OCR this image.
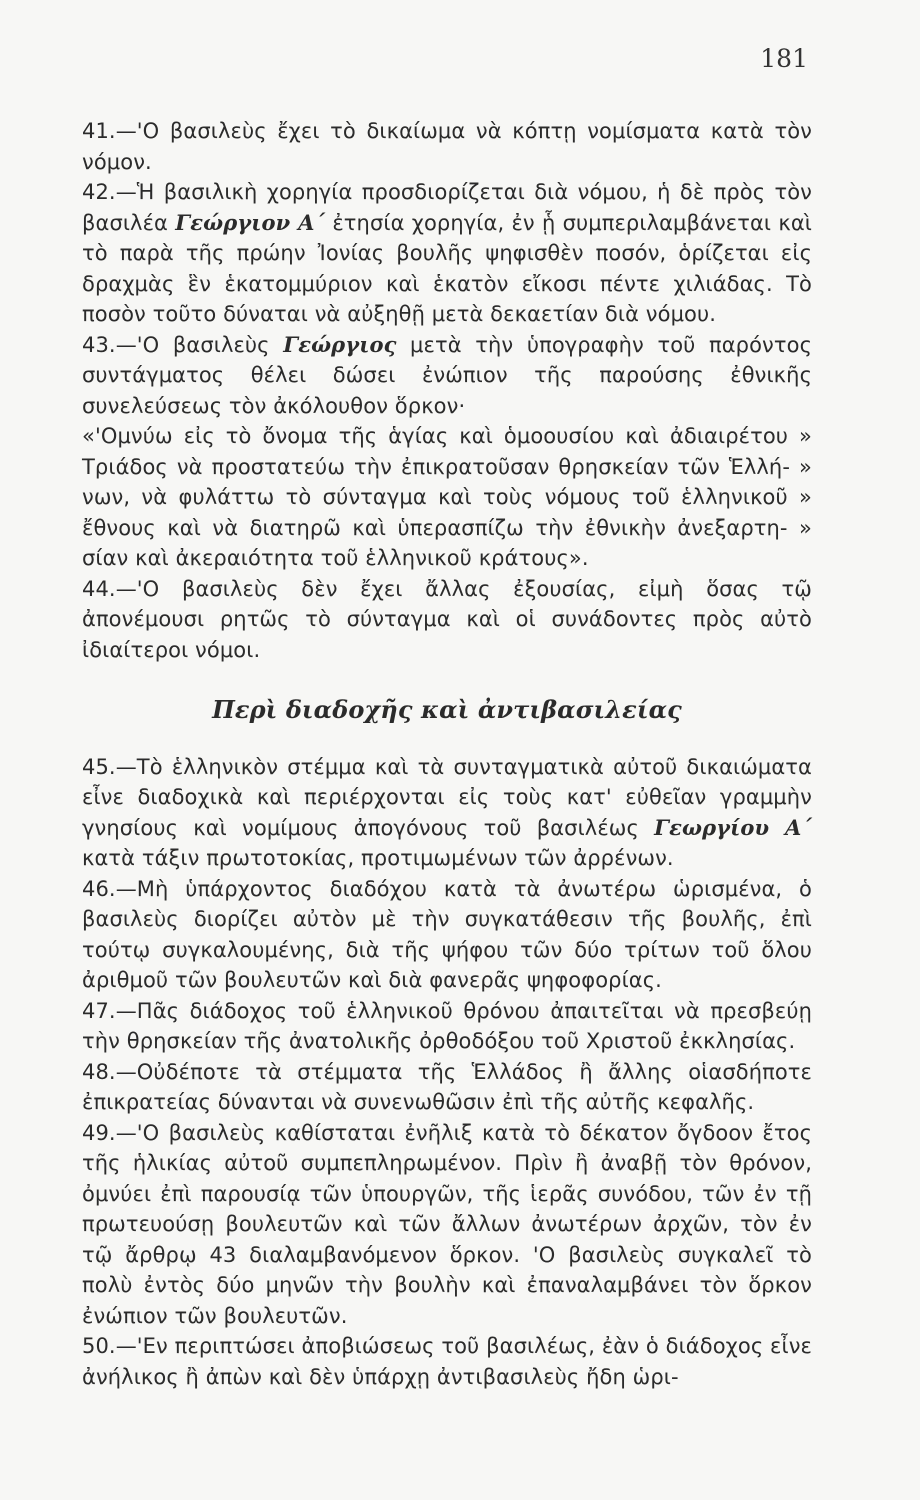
181

41.—'Ο βασιλεὺς ἔχει τὸ δικαίωμα νὰ κόπτῃ νομίσματα κατὰ τὸν νόμον.

42.—Ἡ βασιλικὴ χορηγία προσδιορίζεται διὰ νόμου, ἡ δὲ πρὸς τὸν βασιλέα Γεώργιον Α΄ ἐτησία χορηγία, ἐν ᾗ συμπεριλαμβάνεται καὶ τὸ παρὰ τῆς πρώην Ἰονίας βουλῆς ψηφισθὲν ποσόν, ὁρίζεται εἰς δραχμὰς ἓν ἑκατομμύριον καὶ ἑκατὸν εἴκοσι πέντε χιλιάδας. Τὸ ποσὸν τοῦτο δύναται νὰ αὐξηθῇ μετὰ δεκαετίαν διὰ νόμου.

43.—'Ο βασιλεὺς Γεώργιος μετὰ τὴν ὑπογραφὴν τοῦ παρόντος συντάγματος θέλει δώσει ἐνώπιον τῆς παρούσης ἐθνικῆς συνελεύσεως τὸν ἀκόλουθον ὅρκον·

«'Ομνύω εἰς τὸ ὄνομα τῆς ἁγίας καὶ ὁμοουσίου καὶ ἀδιαιρέτου » Τριάδος νὰ προστατεύω τὴν ἐπικρατοῦσαν θρησκείαν τῶν Ἑλλή- » νων, νὰ φυλάττω τὸ σύνταγμα καὶ τοὺς νόμους τοῦ ἑλληνικοῦ » ἔθνους καὶ νὰ διατηρῶ καὶ ὑπερασπίζω τὴν ἐθνικὴν ἀνεξαρτη- » σίαν καὶ ἀκεραιότητα τοῦ ἑλληνικοῦ κράτους».

44.—'Ο βασιλεὺς δὲν ἔχει ἄλλας ἐξουσίας, εἰμὴ ὅσας τῷ ἀπονέμουσι ρητῶς τὸ σύνταγμα καὶ οἱ συνάδοντες πρὸς αὐτὸ ἰδιαίτεροι νόμοι.

Περὶ διαδοχῆς καὶ ἀντιβασιλείας

45.—Τὸ ἑλληνικὸν στέμμα καὶ τὰ συνταγματικὰ αὐτοῦ δικαιώματα εἶνε διαδοχικὰ καὶ περιέρχονται εἰς τοὺς κατ' εὐθεῖαν γραμμὴν γνησίους καὶ νομίμους ἀπογόνους τοῦ βασιλέως Γεωργίου Α΄ κατὰ τάξιν πρωτοτοκίας, προτιμωμένων τῶν ἀρρένων.

46.—Μὴ ὑπάρχοντος διαδόχου κατὰ τὰ ἀνωτέρω ὡρισμένα, ὁ βασιλεὺς διορίζει αὐτὸν μὲ τὴν συγκατάθεσιν τῆς βουλῆς, ἐπὶ τούτῳ συγκαλουμένης, διὰ τῆς ψήφου τῶν δύο τρίτων τοῦ ὅλου ἀριθμοῦ τῶν βουλευτῶν καὶ διὰ φανερᾶς ψηφοφορίας.

47.—Πᾶς διάδοχος τοῦ ἑλληνικοῦ θρόνου ἀπαιτεῖται νὰ πρεσβεύῃ τὴν θρησκείαν τῆς ἀνατολικῆς ὀρθοδόξου τοῦ Χριστοῦ ἐκκλησίας.

48.—Οὐδέποτε τὰ στέμματα τῆς Ἑλλάδος ἢ ἄλλης οἱασδήποτε ἐπικρατείας δύνανται νὰ συνενωθῶσιν ἐπὶ τῆς αὐτῆς κεφαλῆς.

49.—'Ο βασιλεὺς καθίσταται ἐνῆλιξ κατὰ τὸ δέκατον ὄγδοον ἔτος τῆς ἡλικίας αὐτοῦ συμπεπληρωμένον. Πρὶν ἢ ἀναβῇ τὸν θρόνον, ὀμνύει ἐπὶ παρουσίᾳ τῶν ὑπουργῶν, τῆς ἱερᾶς συνόδου, τῶν ἐν τῇ πρωτευούσῃ βουλευτῶν καὶ τῶν ἄλλων ἀνωτέρων ἀρχῶν, τὸν ἐν τῷ ἄρθρῳ 43 διαλαμβανόμενον ὅρκον. 'Ο βασιλεὺς συγκαλεῖ τὸ πολὺ ἐντὸς δύο μηνῶν τὴν βουλὴν καὶ ἐπαναλαμβάνει τὸν ὅρκον ἐνώπιον τῶν βουλευτῶν.

50.—'Εν περιπτώσει ἀποβιώσεως τοῦ βασιλέως, ἐὰν ὁ διάδοχος εἶνε ἀνήλικος ἢ ἀπὼν καὶ δὲν ὑπάρχῃ ἀντιβασιλεὺς ἤδη ὡρι-
